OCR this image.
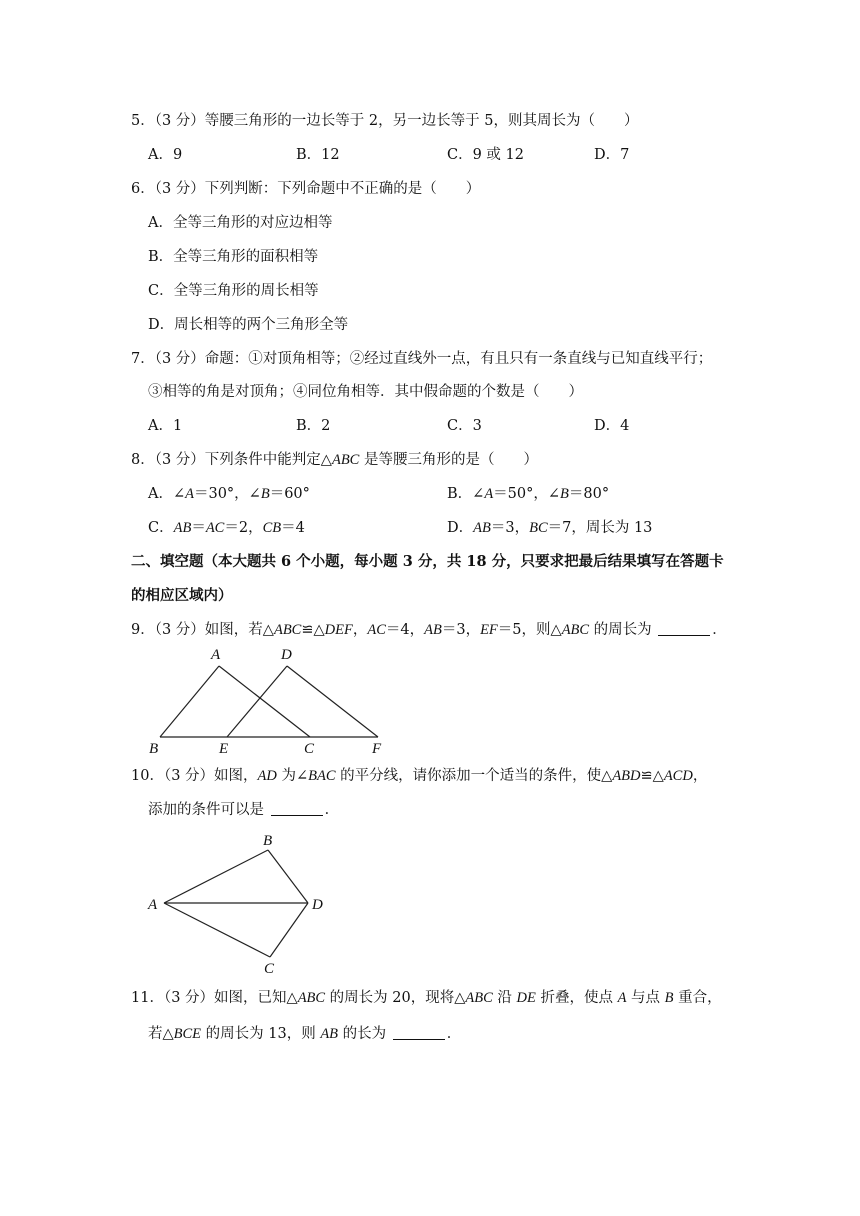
5．（3 分）等腰三角形的一边长等于 2，另一边长等于 5，则其周长为（　　）
A．9	B．12	C．9 或 12	D．7
6．（3 分）下列判断：下列命题中不正确的是（　　）
A．全等三角形的对应边相等
B．全等三角形的面积相等
C．全等三角形的周长相等
D．周长相等的两个三角形全等
7．（3 分）命题：①对顶角相等；②经过直线外一点，有且只有一条直线与已知直线平行；
③相等的角是对顶角；④同位角相等．其中假命题的个数是（　　）
A．1	B．2	C．3	D．4
8．（3 分）下列条件中能判定△ABC 是等腰三角形的是（　　）
A．∠A＝30°，∠B＝60°	B．∠A＝50°，∠B＝80°
C．AB＝AC＝2，CB＝4	D．AB＝3，BC＝7，周长为 13
二、填空题（本大题共 6 个小题，每小题 3 分，共 18 分，只要求把最后结果填写在答题卡
的相应区域内）
9．（3 分）如图，若△ABC≌△DEF，AC＝4，AB＝3，EF＝5，则△ABC 的周长为	．
A	D
B	E	C	F
10．（3 分）如图，AD 为∠BAC 的平分线，请你添加一个适当的条件，使△ABD≌△ACD，
添加的条件可以是	．
B
A	D
C
11．（3 分）如图，已知△ABC 的周长为 20，现将△ABC 沿 DE 折叠，使点 A 与点 B 重合，
若△BCE 的周长为 13，则 AB 的长为	．
